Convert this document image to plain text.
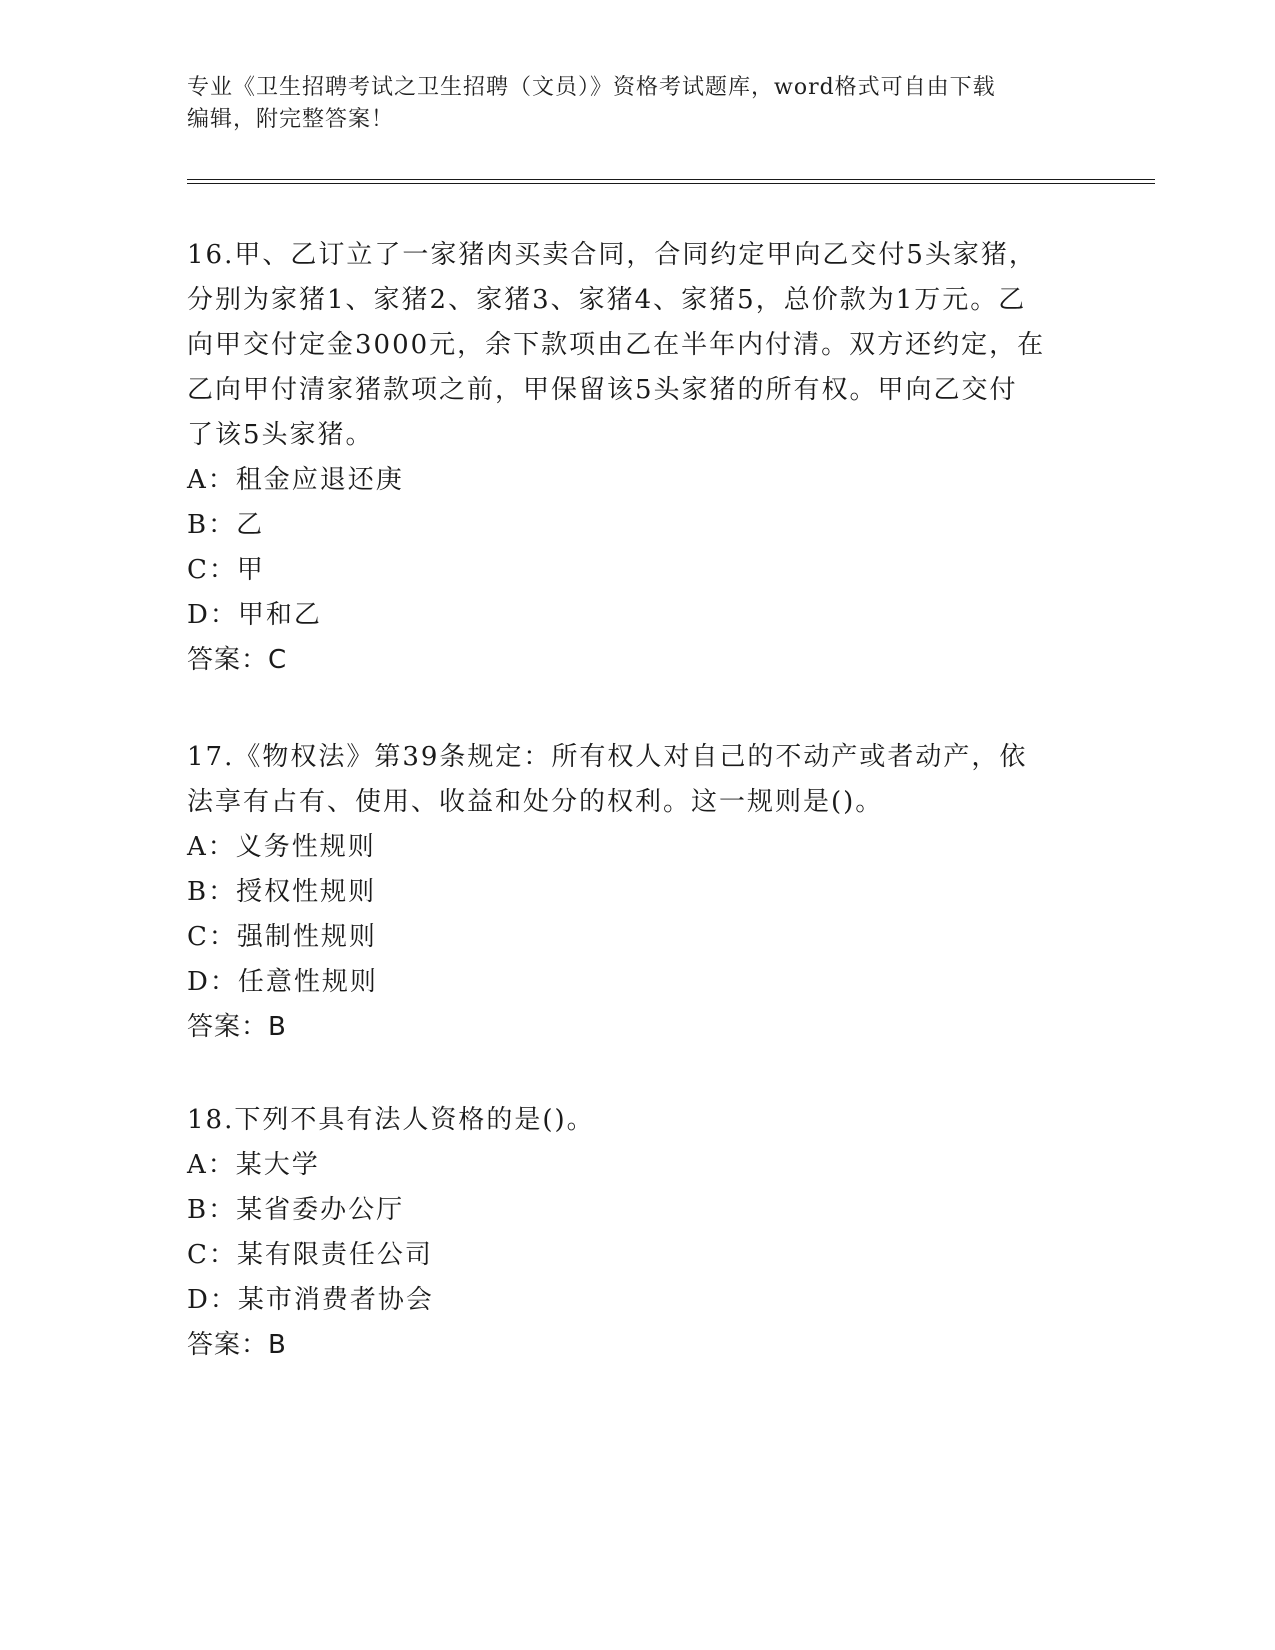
专业《卫生招聘考试之卫生招聘（文员）》资格考试题库，word格式可自由下载
编辑，附完整答案！

16.甲、乙订立了一家猪肉买卖合同，合同约定甲向乙交付5头家猪，

分别为家猪1、家猪2、家猪3、家猪4、家猪5，总价款为1万元。乙

向甲交付定金3000元，余下款项由乙在半年内付清。双方还约定，在

乙向甲付清家猪款项之前，甲保留该5头家猪的所有权。甲向乙交付

了该5头家猪。

A：租金应退还庚

B：乙

C：甲

D：甲和乙

答案：C

17.《物权法》第39条规定：所有权人对自己的不动产或者动产，依

法享有占有、使用、收益和处分的权利。这一规则是()。

A：义务性规则

B：授权性规则

C：强制性规则

D：任意性规则

答案：B

18.下列不具有法人资格的是()。

A：某大学

B：某省委办公厅

C：某有限责任公司

D：某市消费者协会

答案：B
